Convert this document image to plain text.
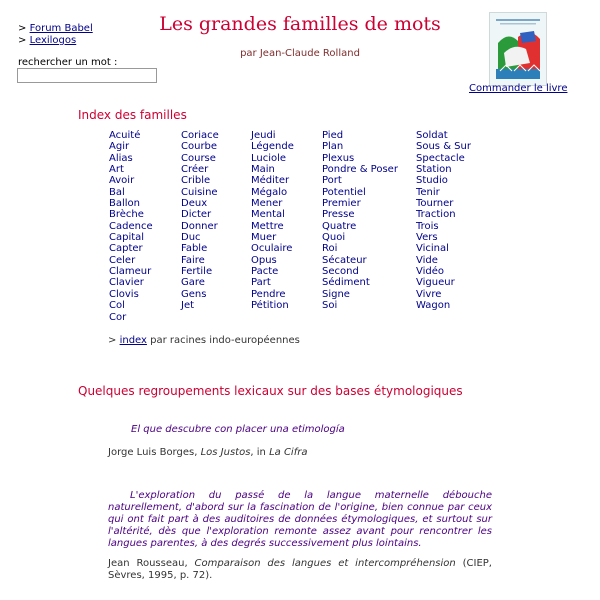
> Forum Babel
> Lexilogos
rechercher un mot :
Les grandes familles de mots
par Jean-Claude Rolland
Commander le livre
Index des familles
Acuité
Agir
Alias
Art
Avoir
Bal
Ballon
Brèche
Cadence
Capital
Capter
Celer
Clameur
Clavier
Clovis
Col
Cor
Coriace
Courbe
Course
Créer
Crible
Cuisine
Deux
Dicter
Donner
Duc
Fable
Faire
Fertile
Gare
Gens
Jet
Jeudi
Légende
Luciole
Main
Méditer
Mégalo
Mener
Mental
Mettre
Muer
Oculaire
Opus
Pacte
Part
Pendre
Pétition
Pied
Plan
Plexus
Pondre & Poser
Port
Potentiel
Premier
Presse
Quatre
Quoi
Roi
Sécateur
Second
Sédiment
Signe
Soi
Soldat
Sous & Sur
Spectacle
Station
Studio
Tenir
Tourner
Traction
Trois
Vers
Vicinal
Vide
Vidéo
Vigueur
Vivre
Wagon
> index par racines indo-européennes
Quelques regroupements lexicaux sur des bases étymologiques
El que descubre con placer una etimología
Jorge Luis Borges, Los Justos, in La Cifra
L'exploration du passé de la langue maternelle débouche naturellement, d'abord sur la fascination de l'origine, bien connue par ceux qui ont fait part à des auditoires de données étymologiques, et surtout sur l'altérité, dès que l'exploration remonte assez avant pour rencontrer les langues parentes, à des degrés successivement plus lointains.
Jean Rousseau, Comparaison des langues et intercompréhension (CIEP, Sèvres, 1995, p. 72).
